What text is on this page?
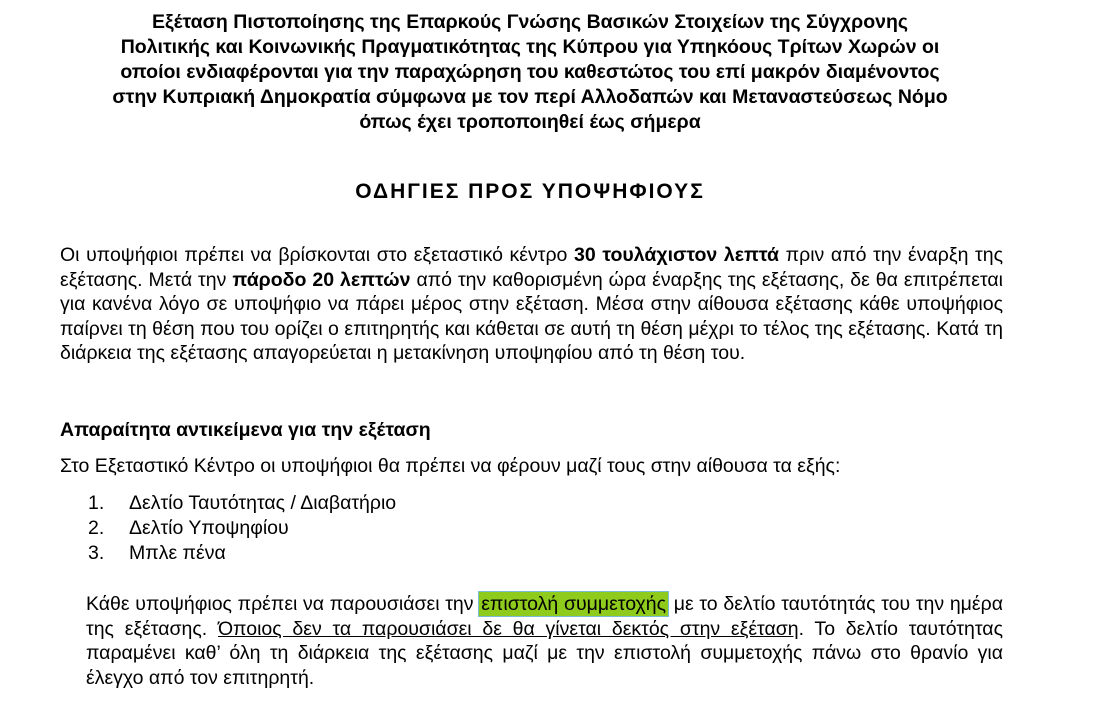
Εξέταση Πιστοποίησης της Επαρκούς Γνώσης Βασικών Στοιχείων της Σύγχρονης
Πολιτικής και Κοινωνικής Πραγματικότητας της Κύπρου για Υπηκόους Τρίτων Χωρών οι
οποίοι ενδιαφέρονται για την παραχώρηση του καθεστώτος του επί μακρόν διαμένοντος
στην Κυπριακή Δημοκρατία σύμφωνα με τον περί Αλλοδαπών και Μεταναστεύσεως Νόμο
όπως έχει τροποποιηθεί έως σήμερα
ΟΔΗΓΙΕΣ ΠΡΟΣ ΥΠΟΨΗΦΙΟΥΣ
Οι υποψήφιοι πρέπει να βρίσκονται στο εξεταστικό κέντρο 30 τουλάχιστον λεπτά πριν από την έναρξη της εξέτασης. Μετά την πάροδο 20 λεπτών από την καθορισμένη ώρα έναρξης της εξέτασης, δε θα επιτρέπεται για κανένα λόγο σε υποψήφιο να πάρει μέρος στην εξέταση. Μέσα στην αίθουσα εξέτασης κάθε υποψήφιος παίρνει τη θέση που του ορίζει ο επιτηρητής και κάθεται σε αυτή τη θέση μέχρι το τέλος της εξέτασης. Κατά τη διάρκεια της εξέτασης απαγορεύεται η μετακίνηση υποψηφίου από τη θέση του.
Απαραίτητα αντικείμενα για την εξέταση
Στο Εξεταστικό Κέντρο οι υποψήφιοι θα πρέπει να φέρουν μαζί τους στην αίθουσα τα εξής:
1. Δελτίο Ταυτότητας / Διαβατήριο
2. Δελτίο Υποψηφίου
3. Μπλε πένα
Κάθε υποψήφιος πρέπει να παρουσιάσει την επιστολή συμμετοχής με το δελτίο ταυτότητάς του την ημέρα της εξέτασης. Όποιος δεν τα παρουσιάσει δε θα γίνεται δεκτός στην εξέταση. Το δελτίο ταυτότητας παραμένει καθ’ όλη τη διάρκεια της εξέτασης μαζί με την επιστολή συμμετοχής πάνω στο θρανίο για έλεγχο από τον επιτηρητή.
